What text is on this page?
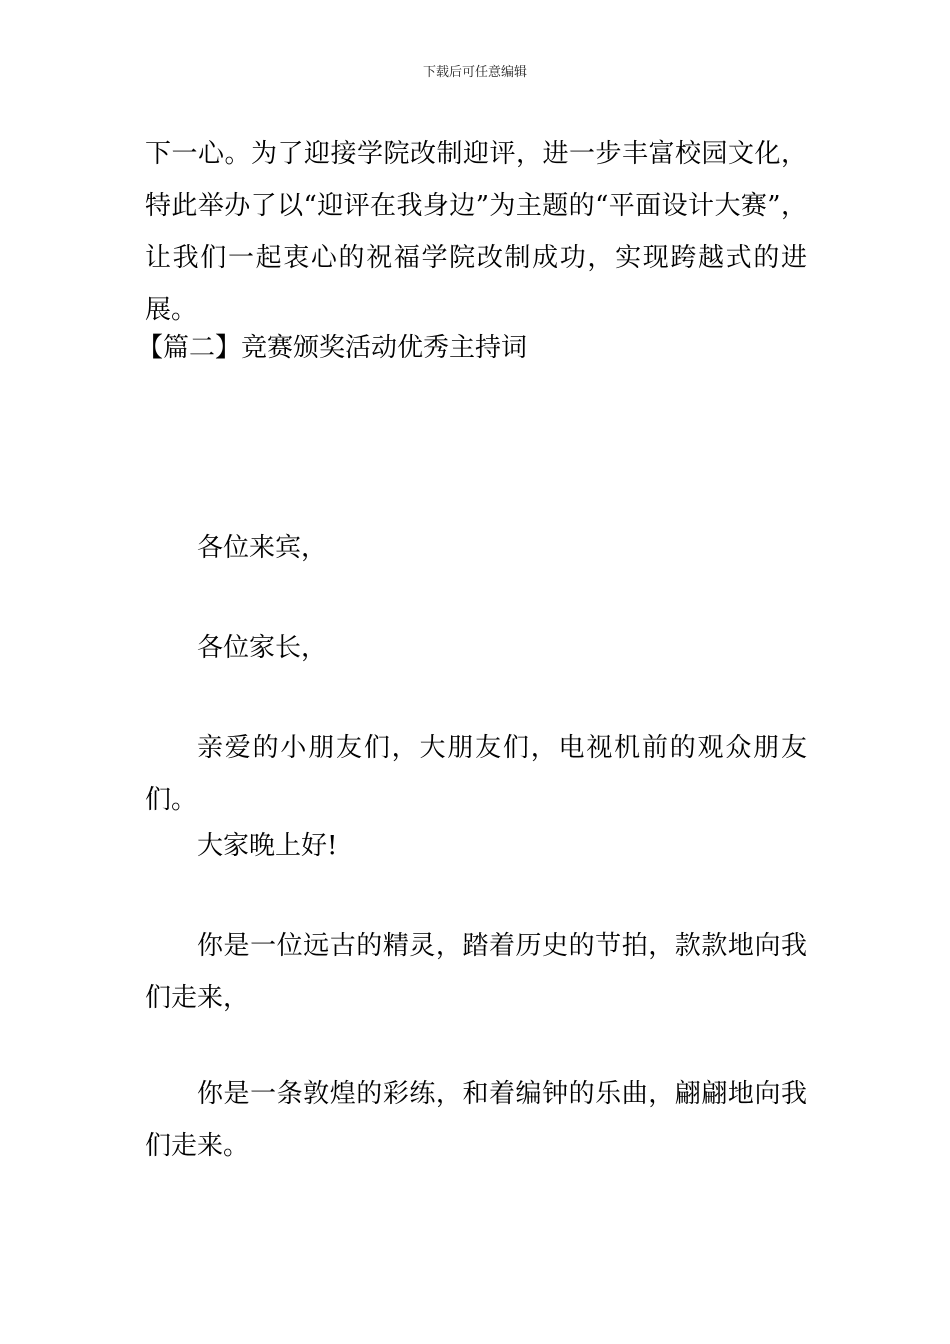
下载后可任意编辑

下一心。为了迎接学院改制迎评，进一步丰富校园文化，特此举办了以“迎评在我身边”为主题的“平面设计大赛”，让我们一起衷心的祝福学院改制成功，实现跨越式的进展。

【篇二】竞赛颁奖活动优秀主持词

各位来宾，

各位家长，

亲爱的小朋友们，大朋友们，电视机前的观众朋友们。

大家晚上好!

你是一位远古的精灵，踏着历史的节拍，款款地向我们走来，

你是一条敦煌的彩练，和着编钟的乐曲，翩翩地向我们走来。
